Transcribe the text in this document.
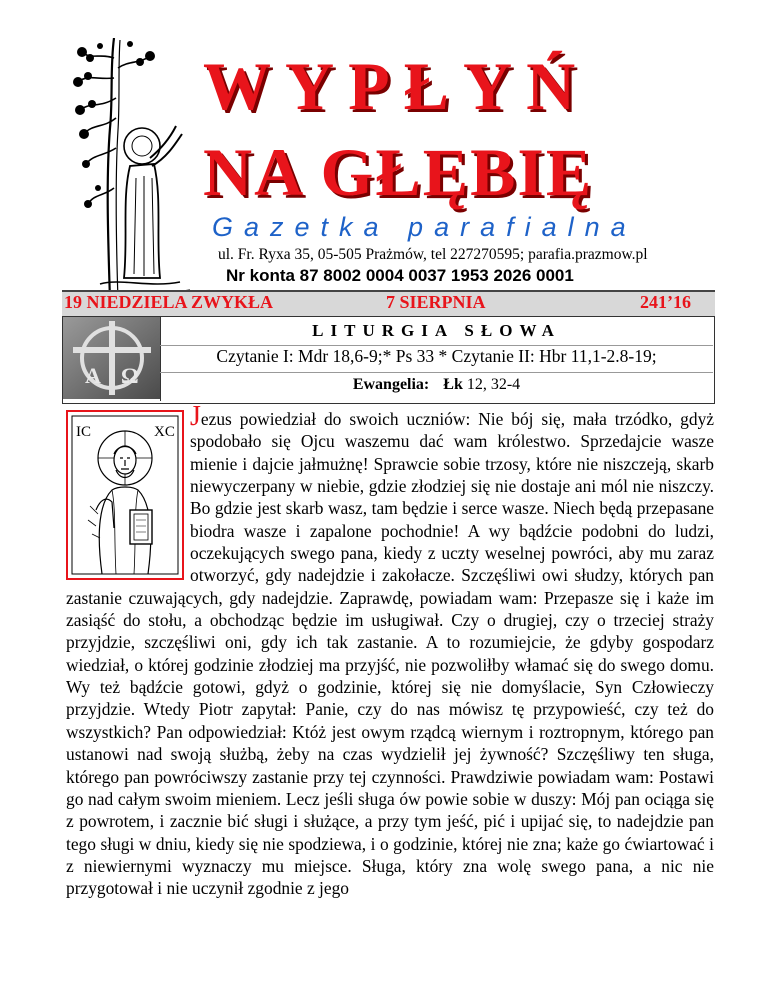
WYPŁYŃ
NA GŁĘBIĘ
Gazetka parafialna
ul. Fr. Ryxa 35, 05-505 Prażmów, tel 227270595; parafia.prazmow.pl
Nr konta 87 8002 0004 0037 1953 2026 0001
19 NIEDZIELA ZWYKŁA	7 SIERPNIA	241’16
A Ω
LITURGIA SŁOWA
Czytanie I: Mdr 18,6-9;* Ps 33 * Czytanie II: Hbr 11,1-2.8-19;
Ewangelia: Łk 12, 32-4
IC	XC Jezus powiedział do swoich uczniów: Nie bój się, mała trzódko, gdyż spodobało się Ojcu waszemu dać wam królestwo. Sprzedajcie wasze mienie i dajcie jałmużnę! Sprawcie sobie trzosy, które nie niszczeją, skarb niewyczerpany w niebie, gdzie złodziej się nie dostaje ani mól nie niszczy. Bo gdzie jest skarb wasz, tam będzie i serce wasze. Niech będą przepasane biodra wasze i zapalone pochodnie! A wy bądźcie podobni do ludzi, oczekujących swego pana, kiedy z uczty weselnej powróci, aby mu zaraz otworzyć, gdy nadejdzie i zakołacze. Szczęśliwi owi słudzy, których pan zastanie czuwających, gdy nadejdzie. Zaprawdę, powiadam wam: Przepasze się i każe im zasiąść do stołu, a obchodząc będzie im usługiwał. Czy o drugiej, czy o trzeciej straży przyjdzie, szczęśliwi oni, gdy ich tak zastanie. A to rozumiejcie, że gdyby gospodarz wiedział, o której godzinie złodziej ma przyjść, nie pozwoliłby włamać się do swego domu. Wy też bądźcie gotowi, gdyż o godzinie, której się nie domyślacie, Syn Człowieczy przyjdzie. Wtedy Piotr zapytał: Panie, czy do nas mówisz tę przypowieść, czy też do wszystkich? Pan odpowiedział: Któż jest owym rządcą wiernym i roztropnym, którego pan ustanowi nad swoją służbą, żeby na czas wydzielił jej żywność? Szczęśliwy ten sługa, którego pan powróciwszy zastanie przy tej czynności. Prawdziwie powiadam wam: Postawi go nad całym swoim mieniem. Lecz jeśli sługa ów powie sobie w duszy: Mój pan ociąga się z powrotem, i zacznie bić sługi i służące, a przy tym jeść, pić i upijać się, to nadejdzie pan tego sługi w dniu, kiedy się nie spodziewa, i o godzinie, której nie zna; każe go ćwiartować i z niewiernymi wyznaczy mu miejsce. Sługa, który zna wolę swego pana, a nic nie przygotował i nie uczynił zgodnie z jego
